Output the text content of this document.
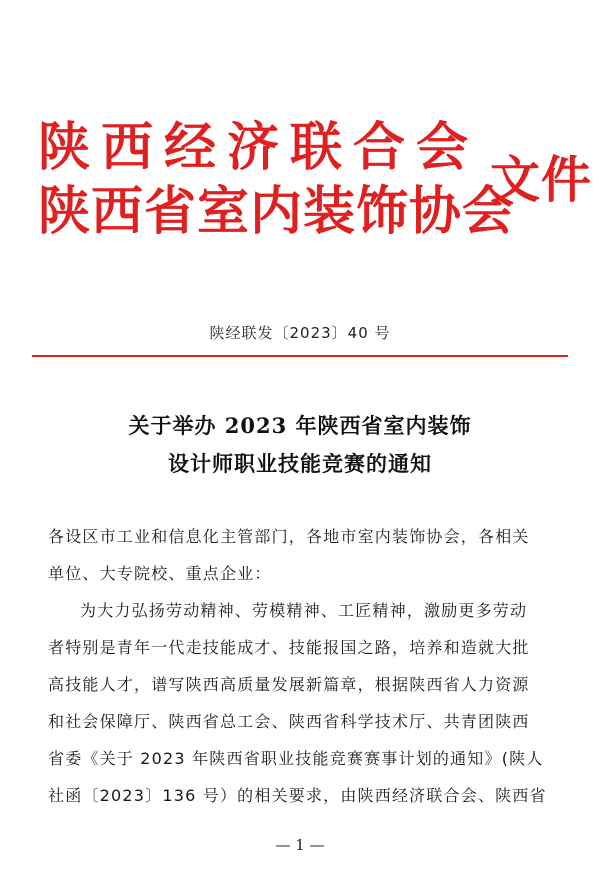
陕西经济联合会
陕西省室内装饰协会
文件
陕经联发〔2023〕40 号
关于举办 2023 年陕西省室内装饰
设计师职业技能竞赛的通知
各设区市工业和信息化主管部门，各地市室内装饰协会，各相关
单位、大专院校、重点企业：
为大力弘扬劳动精神、劳模精神、工匠精神，激励更多劳动
者特别是青年一代走技能成才、技能报国之路，培养和造就大批
高技能人才，谱写陕西高质量发展新篇章，根据陕西省人力资源
和社会保障厅、陕西省总工会、陕西省科学技术厅、共青团陕西
省委《关于 2023 年陕西省职业技能竞赛赛事计划的通知》(陕人
社函〔2023〕136 号）的相关要求，由陕西经济联合会、陕西省
— 1 —
